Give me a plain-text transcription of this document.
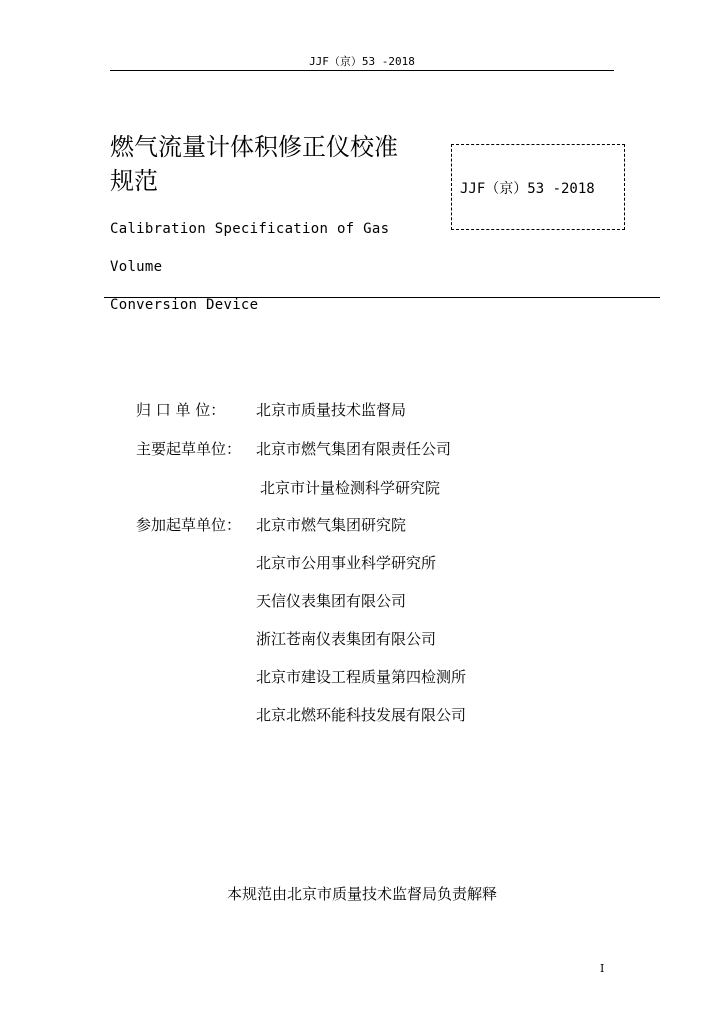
JJF（京）53 -2018
燃气流量计体积修正仪校准
规范
Calibration Specification of Gas Volume
Conversion Device
JJF（京）53 -2018
归 口 单 位： 北京市质量技术监督局
主要起草单位： 北京市燃气集团有限责任公司
北京市计量检测科学研究院
参加起草单位： 北京市燃气集团研究院
北京市公用事业科学研究所
天信仪表集团有限公司
浙江苍南仪表集团有限公司
北京市建设工程质量第四检测所
北京北燃环能科技发展有限公司
本规范由北京市质量技术监督局负责解释
I
